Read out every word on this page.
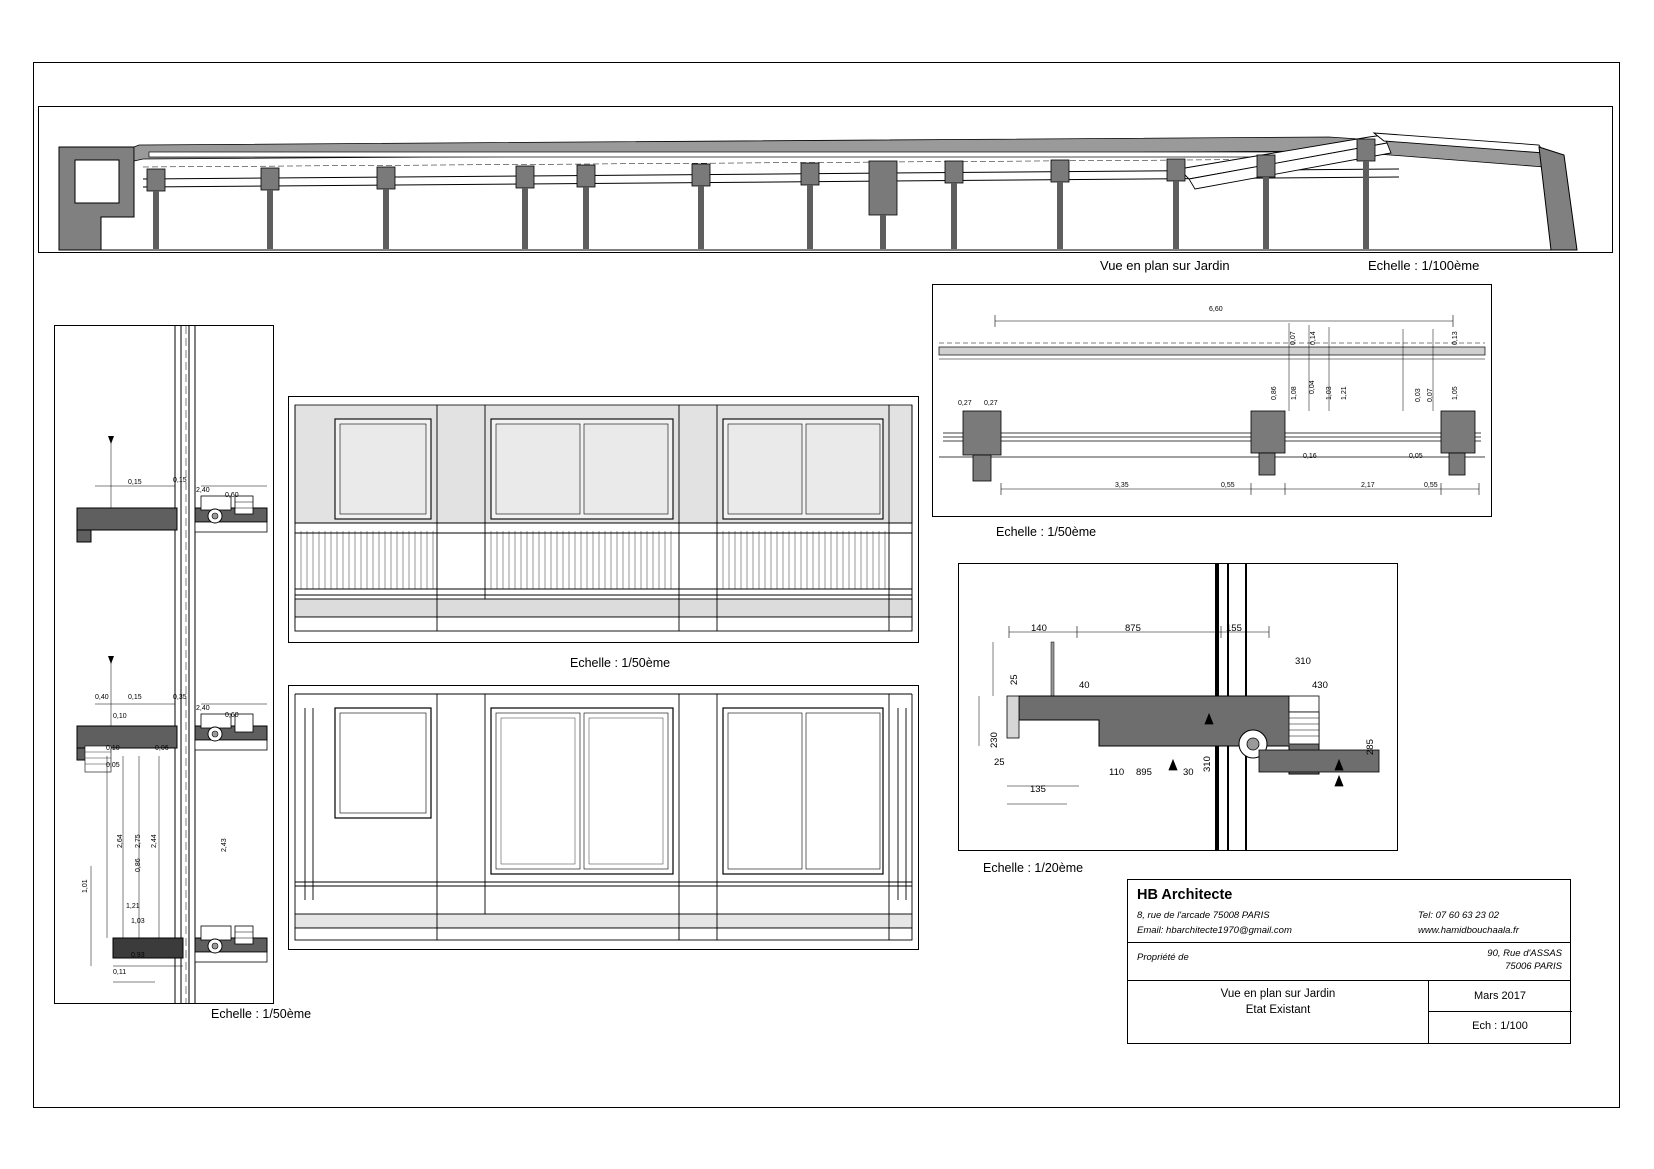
Vue en plan sur Jardin	Echelle : 1/100ème
6,60
0,07 0,14	0,13
0,27 0,27
0,86 1,08 0,04 1,03 1,21	0,03 0,07	1,05
0,16	0,05
3,35	0,55	2,17	0,55
Echelle : 1/50ème
140	875	155
310
430
25
230
25
135
40
110 895	30
310
285
Echelle : 1/20ème
Echelle : 1/50ème
0,15	0,15
2,40
0,60
0,40	0,15	0,35
0,10
2,40
0,60
0,10	0,06
0,05
2,64 2,75 2,44
0,86
2,43
1,01
1,21
1,03
0,93
0,11
Echelle : 1/50ème
HB Architecte
8, rue de l'arcade 75008 PARIS
Email: hbarchitecte1970@gmail.com
Tel: 07 60 63 23 02
www.hamidbouchaala.fr
Propriété de	90, Rue d'ASSAS
75006 PARIS
Vue en plan sur Jardin
Etat Existant
Mars 2017
Ech : 1/100
